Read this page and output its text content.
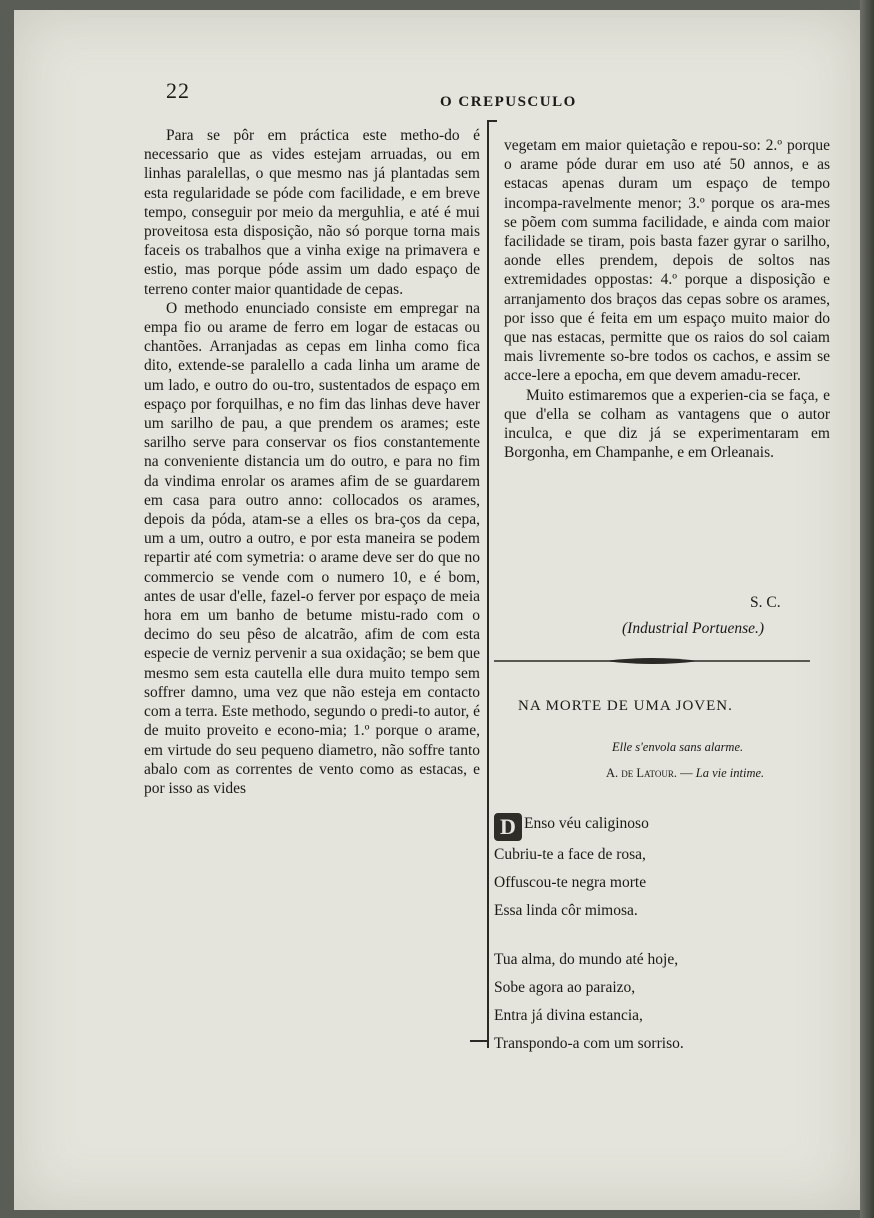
22	O CREPUSCULO

Para se pôr em práctica este metho-do é necessario que as vides estejam arruadas, ou em linhas paralellas, o que mesmo nas já plantadas sem esta regularidade se póde com facilidade, e em breve tempo, conseguir por meio da merguhlia, e até é mui proveitosa esta disposição, não só porque torna mais faceis os trabalhos que a vinha exige na primavera e estio, mas porque póde assim um dado espaço de terreno conter maior quantidade de cepas.

O methodo enunciado consiste em empregar na empa fio ou arame de ferro em logar de estacas ou chantões. Arranjadas as cepas em linha como fica dito, extende-se paralello a cada linha um arame de um lado, e outro do ou-tro, sustentados de espaço em espaço por forquilhas, e no fim das linhas deve haver um sarilho de pau, a que prendem os arames; este sarilho serve para conservar os fios constantemente na conveniente distancia um do outro, e para no fim da vindima enrolar os arames afim de se guardarem em casa para outro anno: collocados os arames, depois da póda, atam-se a elles os bra-ços da cepa, um a um, outro a outro, e por esta maneira se podem repartir até com symetria: o arame deve ser do que no commercio se vende com o numero 10, e é bom, antes de usar d'elle, fazel-o ferver por espaço de meia hora em um banho de betume mistu-rado com o decimo do seu pêso de alcatrão, afim de com esta especie de verniz pervenir a sua oxidação; se bem que mesmo sem esta cautella elle dura muito tempo sem soffrer damno, uma vez que não esteja em contacto com a terra. Este methodo, segundo o predi-to autor, é de muito proveito e econo-mia; 1.º porque o arame, em virtude do seu pequeno diametro, não soffre tanto abalo com as correntes de vento como as estacas, e por isso as vides

vegetam em maior quietação e repou-so: 2.º porque o arame póde durar em uso até 50 annos, e as estacas apenas duram um espaço de tempo incompa-ravelmente menor; 3.º porque os ara-mes se põem com summa facilidade, e ainda com maior facilidade se tiram, pois basta fazer gyrar o sarilho, aonde elles prendem, depois de soltos nas extremidades oppostas: 4.º porque a disposição e arranjamento dos braços das cepas sobre os arames, por isso que é feita em um espaço muito maior do que nas estacas, permitte que os raios do sol caiam mais livremente so-bre todos os cachos, e assim se acce-lere a epocha, em que devem amadu-recer.

Muito estimaremos que a experien-cia se faça, e que d'ella se colham as vantagens que o autor inculca, e que diz já se experimentaram em Borgonha, em Champanhe, e em Orleanais.

S. C.
(Industrial Portuense.)
NA MORTE DE UMA JOVEN.
Elle s'envola sans alarme.
A. de Latour. — La vie intime.
D Enso véu caliginoso
Cubriu-te a face de rosa,
Offuscou-te negra morte
Essa linda côr mimosa.
Tua alma, do mundo até hoje,
Sobe agora ao paraizo,
Entra já divina estancia,
Transpondo-a com um sorriso.
